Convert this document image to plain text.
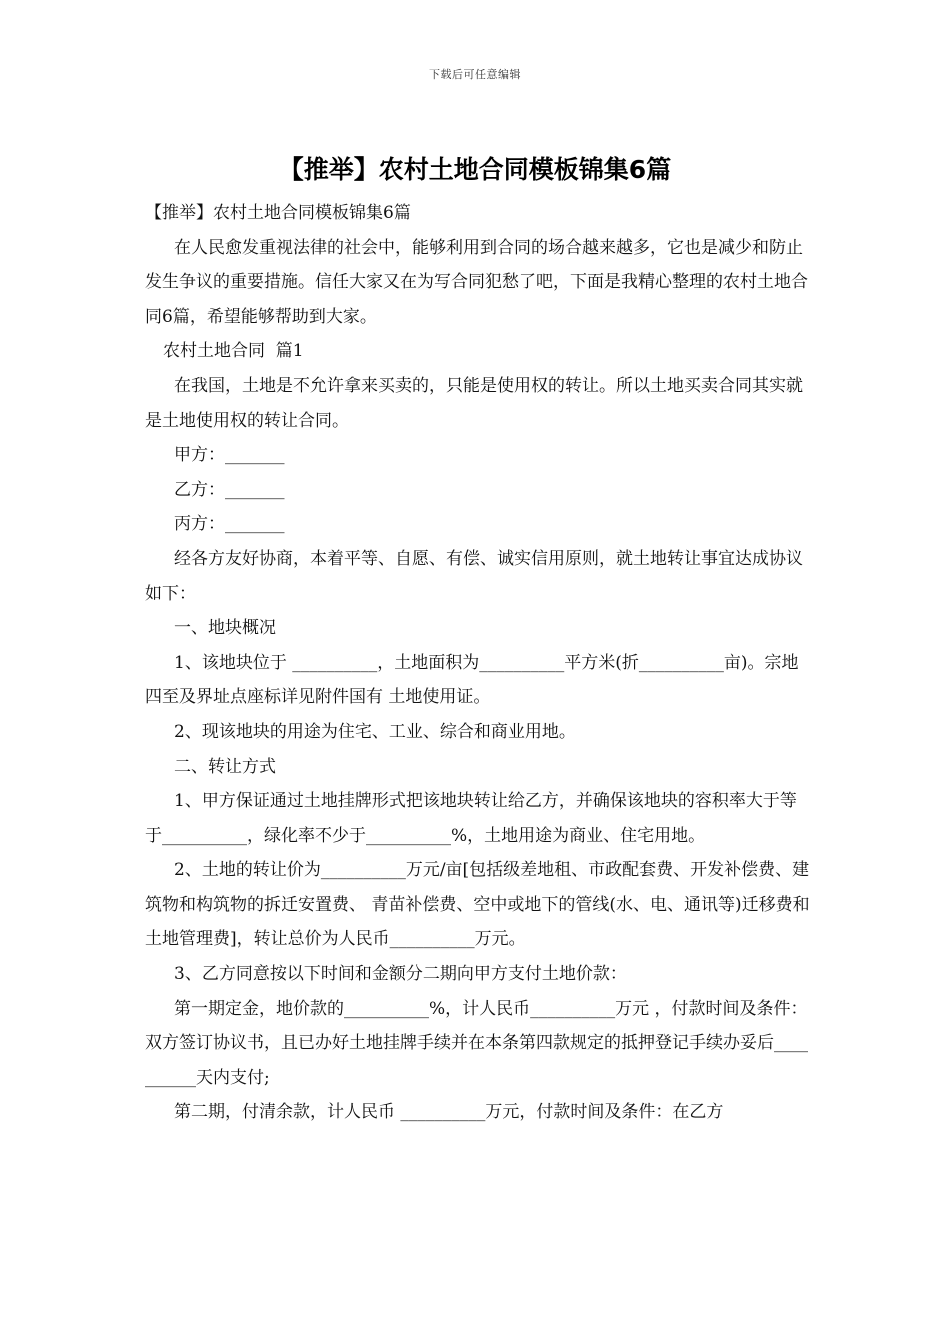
下载后可任意编辑
【推举】农村土地合同模板锦集6篇

【推举】农村土地合同模板锦集6篇

在人民愈发重视法律的社会中，能够利用到合同的场合越来越多，它也是减少和防止发生争议的重要措施。信任大家又在为写合同犯愁了吧，下面是我精心整理的农村土地合同6篇，希望能够帮助到大家。

农村土地合同  篇1

在我国，土地是不允许拿来买卖的，只能是使用权的转让。所以土地买卖合同其实就是土地使用权的转让合同。

甲方：_______

乙方：_______

丙方：_______

经各方友好协商，本着平等、自愿、有偿、诚实信用原则，就土地转让事宜达成协议如下：

一、地块概况

1、该地块位于 __________，土地面积为__________平方米(折__________亩)。宗地四至及界址点座标详见附件国有 土地使用证。

2、现该地块的用途为住宅、工业、综合和商业用地。

二、转让方式

1、甲方保证通过土地挂牌形式把该地块转让给乙方，并确保该地块的容积率大于等于__________，绿化率不少于__________%，土地用途为商业、住宅用地。

2、土地的转让价为__________万元/亩[包括级差地租、市政配套费、开发补偿费、建筑物和构筑物的拆迁安置费、 青苗补偿费、空中或地下的管线(水、电、通讯等)迁移费和土地管理费]，转让总价为人民币__________万元。

3、乙方同意按以下时间和金额分二期向甲方支付土地价款：

第一期定金，地价款的__________%，计人民币__________万元 ，付款时间及条件：双方签订协议书，且已办好土地挂牌手续并在本条第四款规定的抵押登记手续办妥后__________天内支付;

第二期，付清余款，计人民币 __________万元，付款时间及条件：在乙方
